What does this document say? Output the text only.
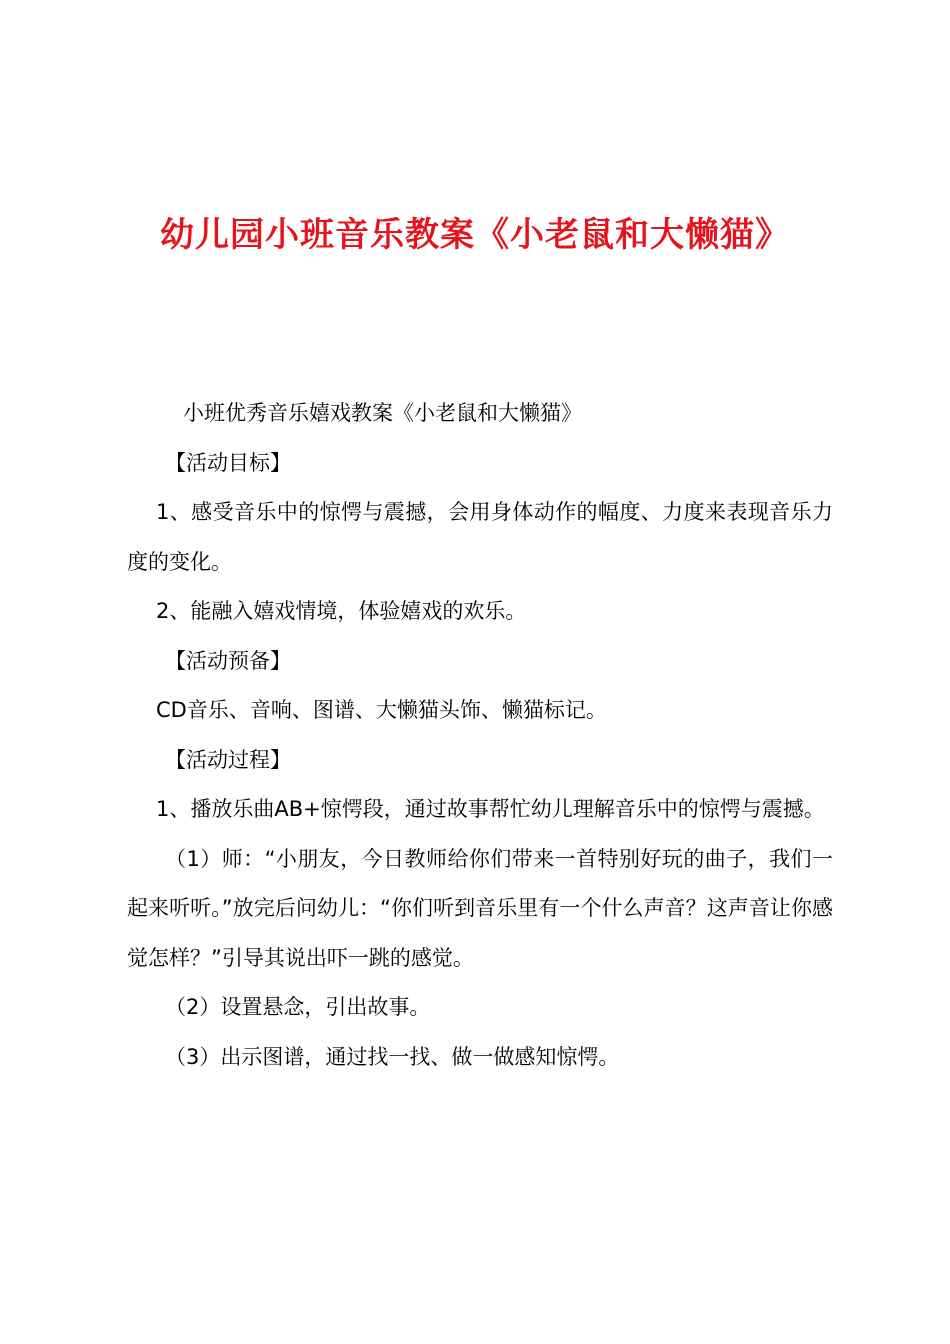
幼儿园小班音乐教案《小老鼠和大懒猫》

小班优秀音乐嬉戏教案《小老鼠和大懒猫》

【活动目标】

1、感受音乐中的惊愕与震撼，会用身体动作的幅度、力度来表现音乐力度的变化。

2、能融入嬉戏情境，体验嬉戏的欢乐。

【活动预备】

CD音乐、音响、图谱、大懒猫头饰、懒猫标记。

【活动过程】

1、播放乐曲AB+惊愕段，通过故事帮忙幼儿理解音乐中的惊愕与震撼。

（1）师：“小朋友，今日教师给你们带来一首特别好玩的曲子，我们一起来听听。”放完后问幼儿：“你们听到音乐里有一个什么声音？这声音让你感觉怎样？”引导其说出吓一跳的感觉。

（2）设置悬念，引出故事。

（3）出示图谱，通过找一找、做一做感知惊愕。
